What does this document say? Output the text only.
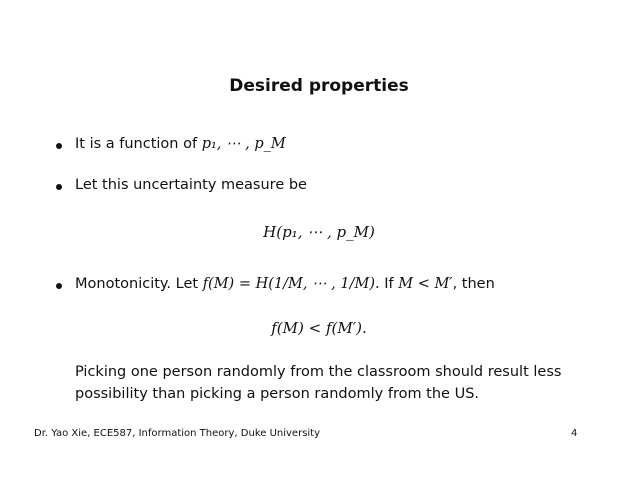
Desired properties
It is a function of p₁, ⋯ , p_M
Let this uncertainty measure be
H(p₁, ⋯ , p_M)
Monotonicity. Let f(M) = H(1/M, ⋯ , 1/M). If M < M′, then
f(M) < f(M′).
Picking one person randomly from the classroom should result less possibility than picking a person randomly from the US.
Dr. Yao Xie, ECE587, Information Theory, Duke University	4
